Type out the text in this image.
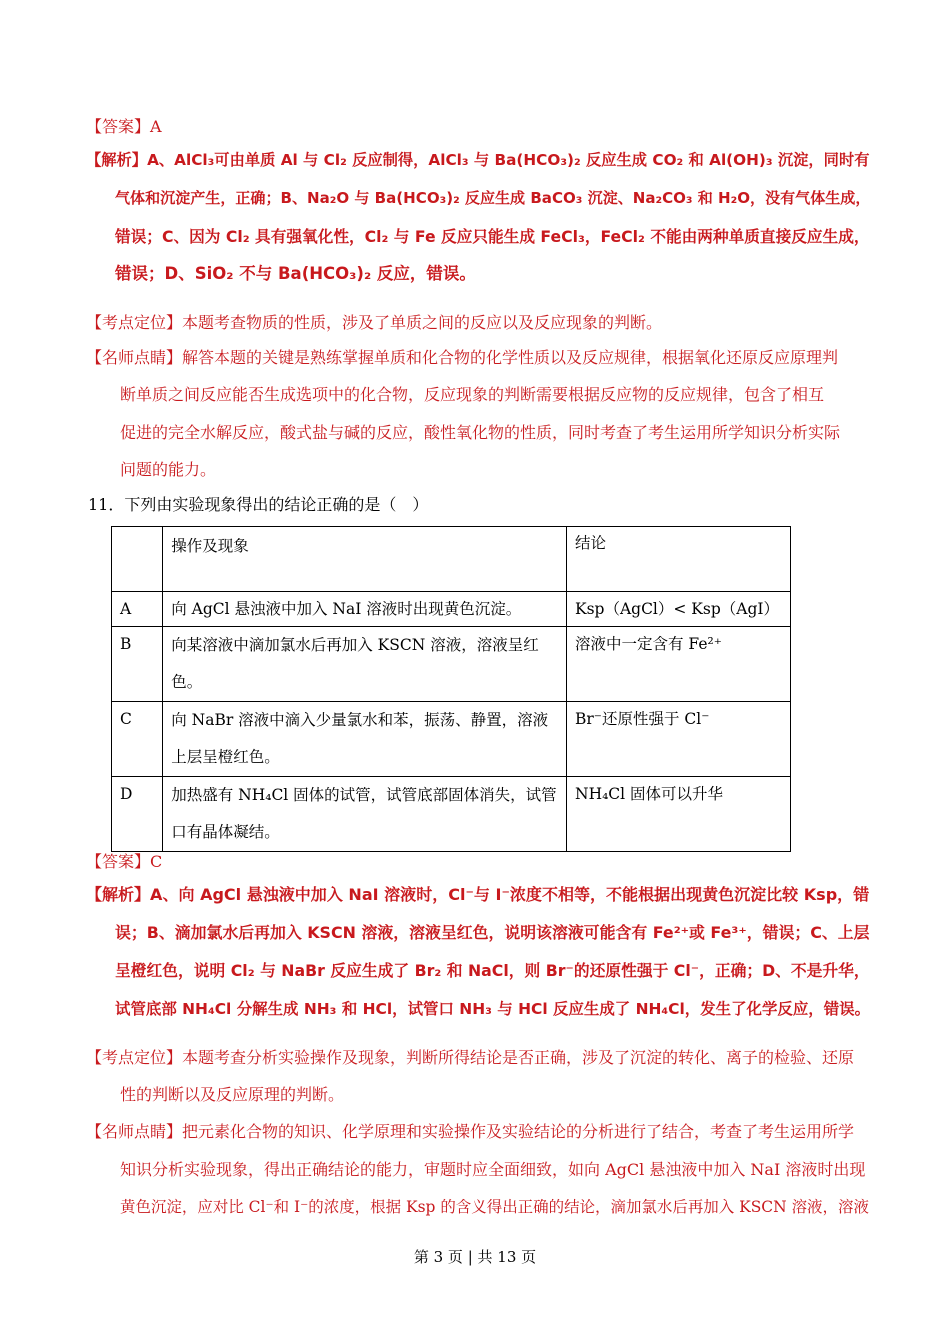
【答案】A
【解析】A、AlCl₃可由单质 Al 与 Cl₂ 反应制得，AlCl₃ 与 Ba(HCO₃)₂ 反应生成 CO₂ 和 Al(OH)₃ 沉淀，同时有
气体和沉淀产生，正确；B、Na₂O 与 Ba(HCO₃)₂ 反应生成 BaCO₃ 沉淀、Na₂CO₃ 和 H₂O，没有气体生成，
错误；C、因为 Cl₂ 具有强氧化性，Cl₂ 与 Fe 反应只能生成 FeCl₃，FeCl₂ 不能由两种单质直接反应生成，
错误；D、SiO₂ 不与 Ba(HCO₃)₂ 反应，错误。
【考点定位】本题考查物质的性质，涉及了单质之间的反应以及反应现象的判断。
【名师点睛】解答本题的关键是熟练掌握单质和化合物的化学性质以及反应规律，根据氧化还原反应原理判
断单质之间反应能否生成选项中的化合物，反应现象的判断需要根据反应物的反应规律，包含了相互
促进的完全水解反应，酸式盐与碱的反应，酸性氧化物的性质，同时考查了考生运用所学知识分析实际
问题的能力。
11．下列由实验现象得出的结论正确的是（　）
	操作及现象	结论
A	向 AgCl 悬浊液中加入 NaI 溶液时出现黄色沉淀。	Ksp（AgCl）< Ksp（AgI）
B	向某溶液中滴加氯水后再加入 KSCN 溶液，溶液呈红色。	溶液中一定含有 Fe²⁺
C	向 NaBr 溶液中滴入少量氯水和苯，振荡、静置，溶液上层呈橙红色。	Br⁻还原性强于 Cl⁻
D	加热盛有 NH₄Cl 固体的试管，试管底部固体消失，试管口有晶体凝结。	NH₄Cl 固体可以升华
【答案】C
【解析】A、向 AgCl 悬浊液中加入 NaI 溶液时，Cl⁻与 I⁻浓度不相等，不能根据出现黄色沉淀比较 Ksp，错
误；B、滴加氯水后再加入 KSCN 溶液，溶液呈红色，说明该溶液可能含有 Fe²⁺或 Fe³⁺，错误；C、上层
呈橙红色，说明 Cl₂ 与 NaBr 反应生成了 Br₂ 和 NaCl，则 Br⁻的还原性强于 Cl⁻，正确；D、不是升华，
试管底部 NH₄Cl 分解生成 NH₃ 和 HCl，试管口 NH₃ 与 HCl 反应生成了 NH₄Cl，发生了化学反应，错误。
【考点定位】本题考查分析实验操作及现象，判断所得结论是否正确，涉及了沉淀的转化、离子的检验、还原
性的判断以及反应原理的判断。
【名师点睛】把元素化合物的知识、化学原理和实验操作及实验结论的分析进行了结合，考查了考生运用所学
知识分析实验现象，得出正确结论的能力，审题时应全面细致，如向 AgCl 悬浊液中加入 NaI 溶液时出现
黄色沉淀，应对比 Cl⁻和 I⁻的浓度，根据 Ksp 的含义得出正确的结论，滴加氯水后再加入 KSCN 溶液，溶液
第 3 页 | 共 13 页
